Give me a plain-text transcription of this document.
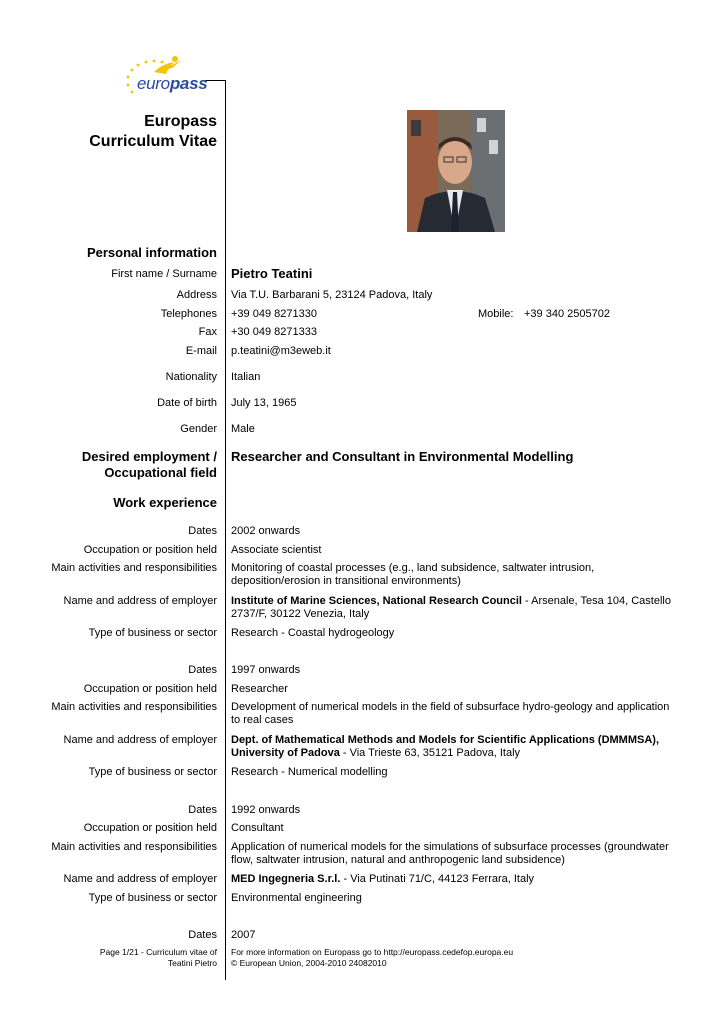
europass
Europass
Curriculum Vitae
Personal information
First name / Surname Pietro Teatini
Address Via T.U. Barbarani 5, 23124 Padova, Italy
Telephones +39 049 8271330	Mobile: +39 340 2505702
Fax +30 049 8271333
E-mail p.teatini@m3eweb.it
Nationality Italian
Date of birth July 13, 1965
Gender Male
Desired employment /
Occupational field
Researcher and Consultant in Environmental Modelling
Work experience
Dates 2002 onwards
Occupation or position held Associate scientist
Main activities and responsibilities Monitoring of coastal processes (e.g., land subsidence, saltwater intrusion, deposition/erosion in transitional environments)
Name and address of employer Institute of Marine Sciences, National Research Council - Arsenale, Tesa 104, Castello 2737/F, 30122 Venezia, Italy
Type of business or sector Research - Coastal hydrogeology
Dates 1997 onwards
Occupation or position held Researcher
Main activities and responsibilities Development of numerical models in the field of subsurface hydro-geology and application to real cases
Name and address of employer Dept. of Mathematical Methods and Models for Scientific Applications (DMMMSA), University of Padova - Via Trieste 63, 35121 Padova, Italy
Type of business or sector Research - Numerical modelling
Dates 1992 onwards
Occupation or position held Consultant
Main activities and responsibilities Application of numerical models for the simulations of subsurface processes (groundwater flow, saltwater intrusion, natural and anthropogenic land subsidence)
Name and address of employer MED Ingegneria S.r.l. - Via Putinati 71/C, 44123 Ferrara, Italy
Type of business or sector Environmental engineering
Dates 2007
Page 1/21 - Curriculum vitae of
Teatini Pietro
For more information on Europass go to http://europass.cedefop.europa.eu
© European Union, 2004-2010 24082010
